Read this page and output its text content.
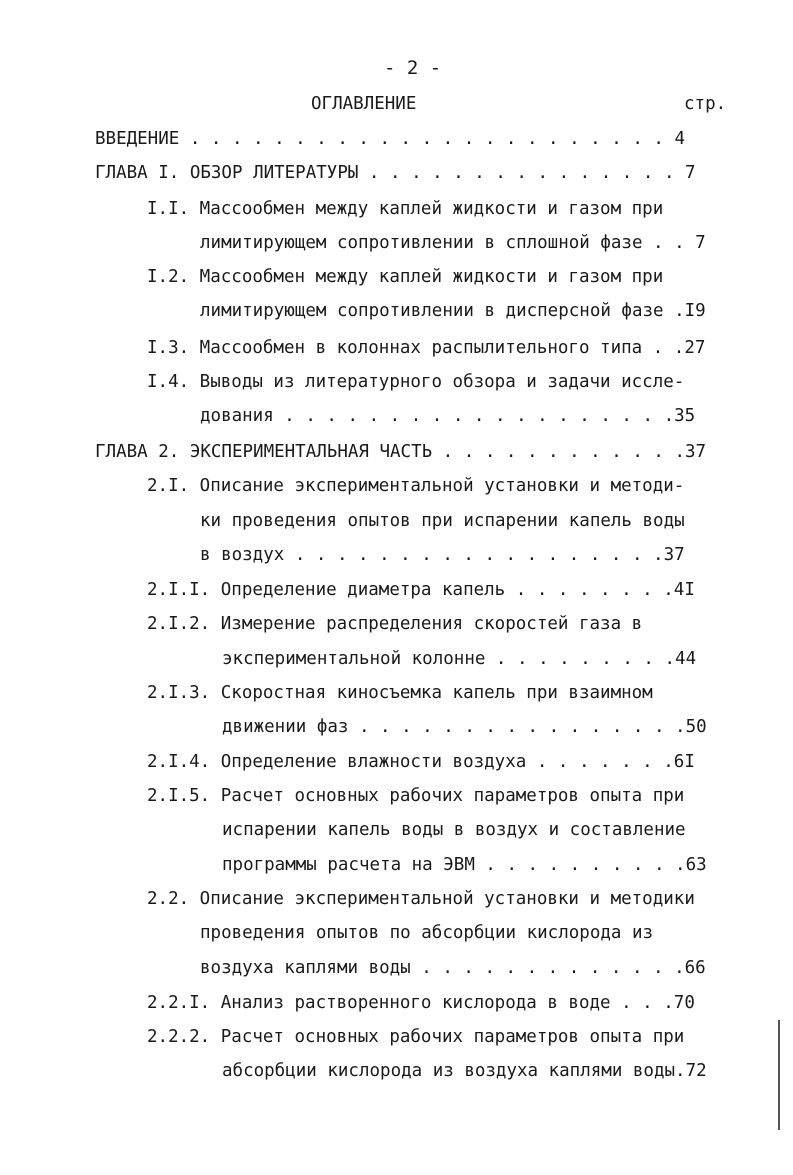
- 2 -
ОГЛАВЛЕНИЕ	стр.
ВВЕДЕНИЕ . . . . . . . . . . . . . . . . . . . . . . . 4
ГЛАВА I. ОБЗОР ЛИТЕРАТУРЫ . . . . . . . . . . . . . . . 7
I.I. Массообмен между каплей жидкости и газом при
лимитирующем сопротивлении в сплошной фазе . . 7
I.2. Массообмен между каплей жидкости и газом при
лимитирующем сопротивлении в дисперсной фазе .I9
I.3. Массообмен в колоннах распылительного типа . .27
I.4. Выводы из литературного обзора и задачи иссле-
дования . . . . . . . . . . . . . . . . . . .35
ГЛАВА 2. ЭКСПЕРИМЕНТАЛЬНАЯ ЧАСТЬ . . . . . . . . . . . .37
2.I. Описание экспериментальной установки и методи-
ки проведения опытов при испарении капель воды
в воздух . . . . . . . . . . . . . . . . . .37
2.I.I. Определение диаметра капель . . . . . . . .4I
2.I.2. Измерение распределения скоростей газа в
экспериментальной колонне . . . . . . . . .44
2.I.3. Скоростная киносъемка капель при взаимном
движении фаз . . . . . . . . . . . . . . . .50
2.I.4. Определение влажности воздуха . . . . . . .6I
2.I.5. Расчет основных рабочих параметров опыта при
испарении капель воды в воздух и составление
программы расчета на ЭВМ . . . . . . . . . .63
2.2. Описание экспериментальной установки и методики
проведения опытов по абсорбции кислорода из
воздуха каплями воды . . . . . . . . . . . . .66
2.2.I. Анализ растворенного кислорода в воде . . .70
2.2.2. Расчет основных рабочих параметров опыта при
абсорбции кислорода из воздуха каплями воды.72
